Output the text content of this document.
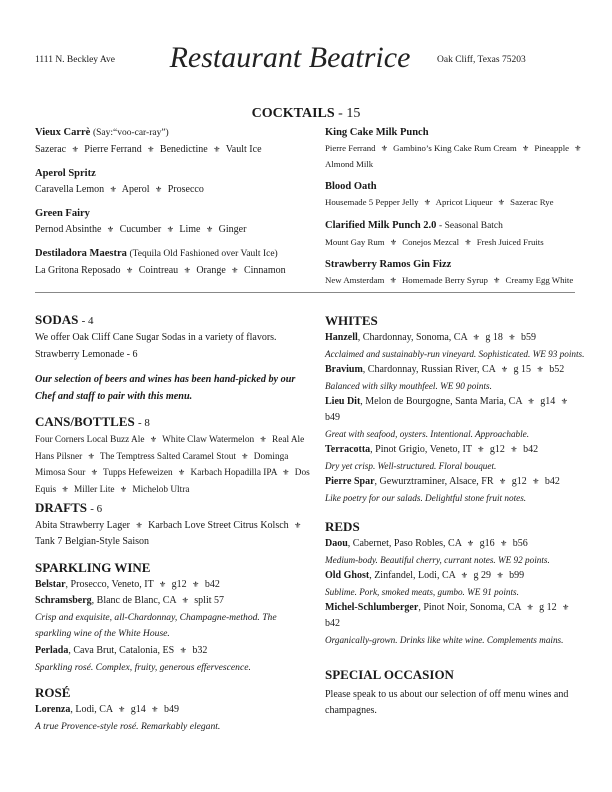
1111 N. Beckley Ave	Restaurant Beatrice	Oak Cliff, Texas 75203
COCKTAILS - 15
Vieux Carrè (Say:“voo-car-ray”)
Sazerac ⚜ Pierre Ferrand ⚜ Benedictine ⚜ Vault Ice
Aperol Spritz
Caravella Lemon ⚜ Aperol ⚜ Prosecco
Green Fairy
Pernod Absinthe ⚜ Cucumber ⚜ Lime ⚜ Ginger
Destiladora Maestra (Tequila Old Fashioned over Vault Ice)
La Gritona Reposado ⚜ Cointreau ⚜ Orange ⚜ Cinnamon
King Cake Milk Punch
Pierre Ferrand ⚜ Gambino’s King Cake Rum Cream ⚜ Pineapple ⚜ Almond Milk
Blood Oath
Housemade 5 Pepper Jelly ⚜ Apricot Liqueur ⚜ Sazerac Rye
Clarified Milk Punch 2.0 - Seasonal Batch
Mount Gay Rum ⚜ Conejos Mezcal ⚜ Fresh Juiced Fruits
Strawberry Ramos Gin Fizz
New Amsterdam ⚜ Homemade Berry Syrup ⚜ Creamy Egg White
SODAS - 4
We offer Oak Cliff Cane Sugar Sodas in a variety of flavors.
Strawberry Lemonade - 6
Our selection of beers and wines has been hand-picked by our Chef and staff to pair with this menu.
CANS/BOTTLES - 8
Four Corners Local Buzz Ale ⚜ White Claw Watermelon ⚜ Real Ale Hans Pilsner ⚜ The Temptress Salted Caramel Stout ⚜ Dominga Mimosa Sour ⚜ Tupps Hefeweizen ⚜ Karbach Hopadilla IPA ⚜ Dos Equis ⚜ Miller Lite ⚜ Michelob Ultra
DRAFTS - 6
Abita Strawberry Lager ⚜ Karbach Love Street Citrus Kolsch ⚜ Tank 7 Belgian-Style Saison
SPARKLING WINE
Belstar, Prosecco, Veneto, IT ⚜ g12 ⚜ b42
Schramsberg, Blanc de Blanc, CA ⚜ split 57
Crisp and exquisite, all-Chardonnay, Champagne-method. The sparkling wine of the White House.
Perlada, Cava Brut, Catalonia, ES ⚜ b32
Sparkling rosé. Complex, fruity, generous effervescence.
ROSÉ
Lorenza, Lodi, CA ⚜ g14 ⚜ b49
A true Provence-style rosé. Remarkably elegant.
WHITES
Hanzell, Chardonnay, Sonoma, CA ⚜ g 18 ⚜ b59
Acclaimed and sustainably-run vineyard. Sophisticated. WE 93 points.
Bravium, Chardonnay, Russian River, CA ⚜ g 15 ⚜ b52
Balanced with silky mouthfeel. WE 90 points.
Lieu Dit, Melon de Bourgogne, Santa Maria, CA ⚜ g14 ⚜ b49
Great with seafood, oysters. Intentional. Approachable.
Terracotta, Pinot Grigio, Veneto, IT ⚜ g12 ⚜ b42
Dry yet crisp. Well-structured. Floral bouquet.
Pierre Spar, Gewurztraminer, Alsace, FR ⚜ g12 ⚜ b42
Like poetry for our salads. Delightful stone fruit notes.
REDS
Daou, Cabernet, Paso Robles, CA ⚜ g16 ⚜ b56
Medium-body. Beautiful cherry, currant notes. WE 92 points.
Old Ghost, Zinfandel, Lodi, CA ⚜ g 29 ⚜ b99
Sublime. Pork, smoked meats, gumbo. WE 91 points.
Michel-Schlumberger, Pinot Noir, Sonoma, CA ⚜ g 12 ⚜ b42
Organically-grown. Drinks like white wine. Complements mains.
SPECIAL OCCASION
Please speak to us about our selection of off menu wines and champagnes.
